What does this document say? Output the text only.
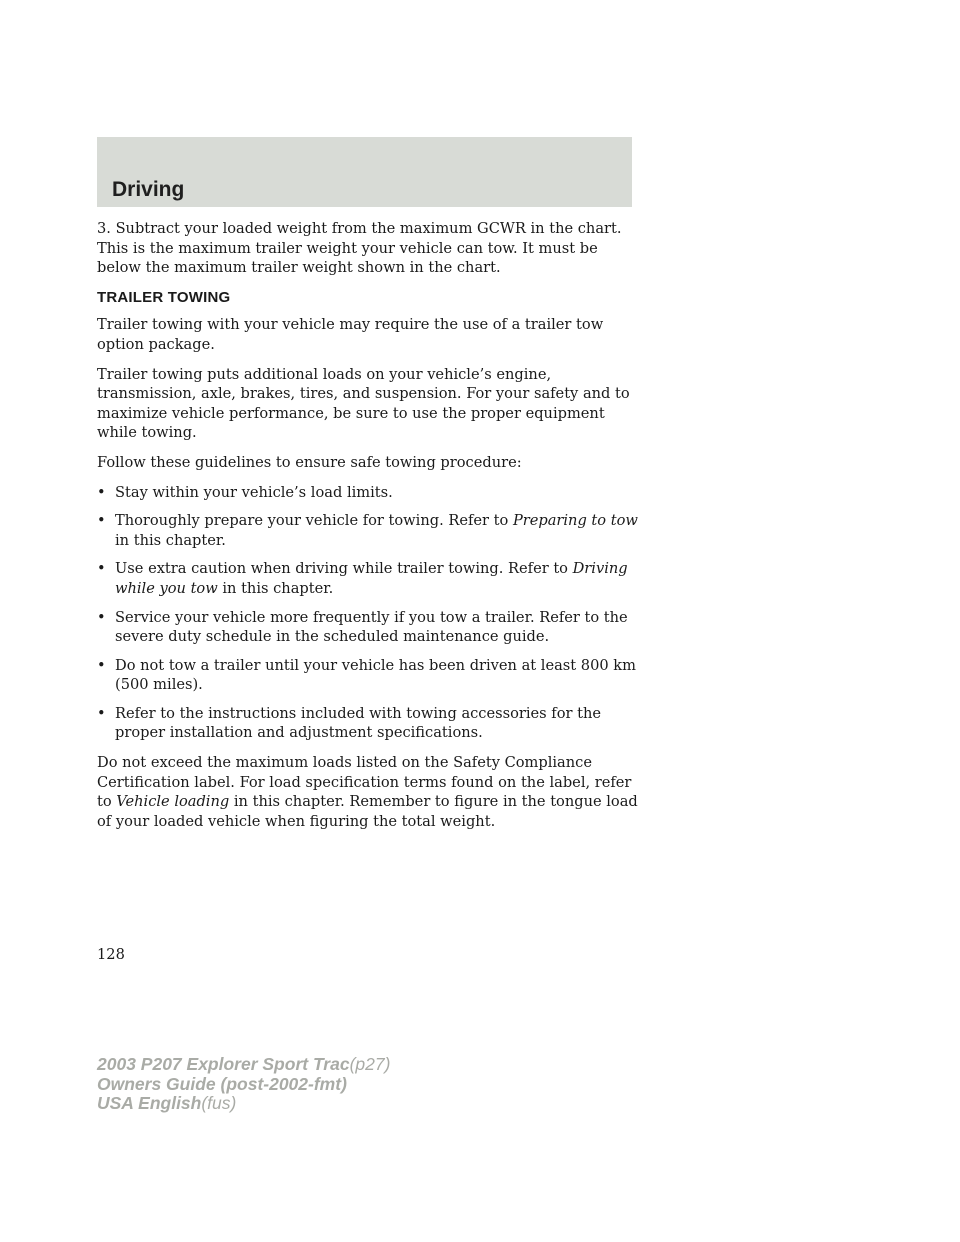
Driving

3. Subtract your loaded weight from the maximum GCWR in the chart. This is the maximum trailer weight your vehicle can tow. It must be below the maximum trailer weight shown in the chart.

TRAILER TOWING

Trailer towing with your vehicle may require the use of a trailer tow option package.

Trailer towing puts additional loads on your vehicle’s engine, transmission, axle, brakes, tires, and suspension. For your safety and to maximize vehicle performance, be sure to use the proper equipment while towing.

Follow these guidelines to ensure safe towing procedure:

• Stay within your vehicle’s load limits.
• Thoroughly prepare your vehicle for towing. Refer to Preparing to tow in this chapter.
• Use extra caution when driving while trailer towing. Refer to Driving while you tow in this chapter.
• Service your vehicle more frequently if you tow a trailer. Refer to the severe duty schedule in the scheduled maintenance guide.
• Do not tow a trailer until your vehicle has been driven at least 800 km (500 miles).
• Refer to the instructions included with towing accessories for the proper installation and adjustment specifications.

Do not exceed the maximum loads listed on the Safety Compliance Certification label. For load specification terms found on the label, refer to Vehicle loading in this chapter. Remember to figure in the tongue load of your loaded vehicle when figuring the total weight.

128
2003 P207 Explorer Sport Trac(p27)
Owners Guide (post-2002-fmt)
USA English(fus)
